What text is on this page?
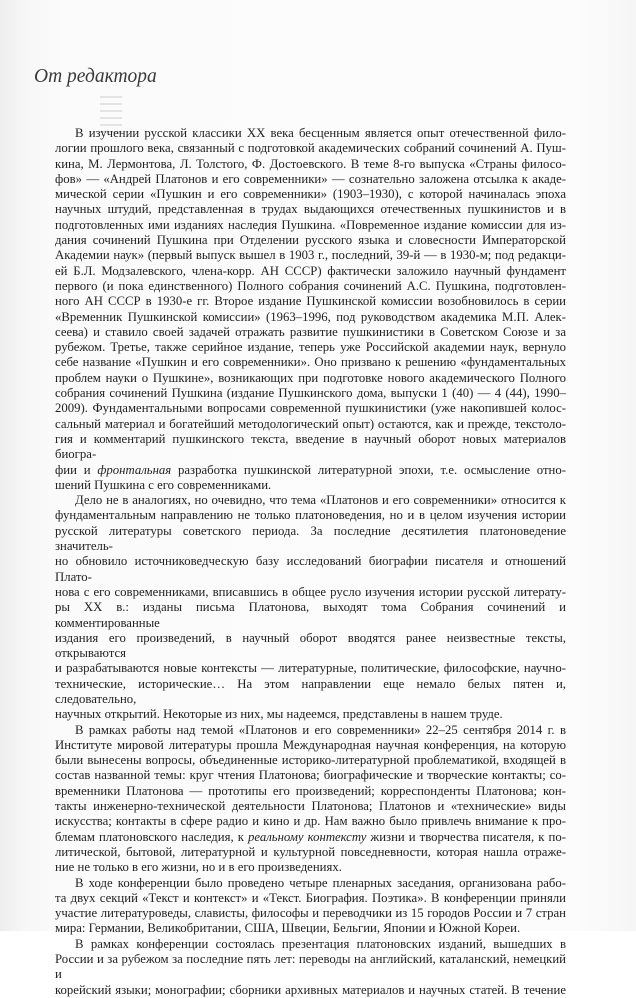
От редактора

В изучении русской классики XX века бесценным является опыт отечественной фило-

логии прошлого века, связанный с подготовкой академических собраний сочинений А. Пуш-

кина, М. Лермонтова, Л. Толстого, Ф. Достоевского. В теме 8-го выпуска «Страны филосо-

фов» — «Андрей Платонов и его современники» — сознательно заложена отсылка к акаде-

мической серии «Пушкин и его современники» (1903–1930), с которой начиналась эпоха

научных штудий, представленная в трудах выдающихся отечественных пушкинистов и в

подготовленных ими изданиях наследия Пушкина. «Повременное издание комиссии для из-

дания сочинений Пушкина при Отделении русского языка и словесности Императорской

Академии наук» (первый выпуск вышел в 1903 г., последний, 39-й — в 1930-м; под редакци-

ей Б.Л. Модзалевского, члена-корр. АН СССР) фактически заложило научный фундамент

первого (и пока единственного) Полного собрания сочинений А.С. Пушкина, подготовлен-

ного АН СССР в 1930-е гг. Второе издание Пушкинской комиссии возобновилось в серии

«Временник Пушкинской комиссии» (1963–1996, под руководством академика М.П. Алек-

сеева) и ставило своей задачей отражать развитие пушкинистики в Советском Союзе и за

рубежом. Третье, также серийное издание, теперь уже Российской академии наук, вернуло

себе название «Пушкин и его современники». Оно призвано к решению «фундаментальных

проблем науки о Пушкине», возникающих при подготовке нового академического Полного

собрания сочинений Пушкина (издание Пушкинского дома, выпуски 1 (40) — 4 (44), 1990–

2009). Фундаментальными вопросами современной пушкинистики (уже накопившей колос-

сальный материал и богатейший методологический опыт) остаются, как и прежде, текстоло-

гия и комментарий пушкинского текста, введение в научный оборот новых материалов биогра-

фии и фронтальная разработка пушкинской литературной эпохи, т.е. осмысление отно-

шений Пушкина с его современниками.

Дело не в аналогиях, но очевидно, что тема «Платонов и его современники» относится к

фундаментальным направлению не только платоноведения, но и в целом изучения истории

русской литературы советского периода. За последние десятилетия платоноведение значитель-

но обновило источниковедческую базу исследований биографии писателя и отношений Плато-

нова с его современниками, вписавшись в общее русло изучения истории русской литерату-

ры XX в.: изданы письма Платонова, выходят тома Собрания сочинений и комментированные

издания его произведений, в научный оборот вводятся ранее неизвестные тексты, открываются

и разрабатываются новые контексты — литературные, политические, философские, научно-

технические, исторические… На этом направлении еще немало белых пятен и, следовательно,

научных открытий. Некоторые из них, мы надеемся, представлены в нашем труде.

В рамках работы над темой «Платонов и его современники» 22–25 сентября 2014 г. в

Институте мировой литературы прошла Международная научная конференция, на которую

были вынесены вопросы, объединенные историко-литературной проблематикой, входящей в

состав названной темы: круг чтения Платонова; биографические и творческие контакты; со-

временники Платонова — прототипы его произведений; корреспонденты Платонова; кон-

такты инженерно-технической деятельности Платонова; Платонов и «технические» виды

искусства; контакты в сфере радио и кино и др. Нам важно было привлечь внимание к про-

блемам платоновского наследия, к реальному контексту жизни и творчества писателя, к по-

литической, бытовой, литературной и культурной повседневности, которая нашла отраже-

ние не только в его жизни, но и в его произведениях.

В ходе конференции было проведено четыре пленарных заседания, организована рабо-

та двух секций «Текст и контекст» и «Текст. Биография. Поэтика». В конференции приняли

участие литературоведы, слависты, философы и переводчики из 15 городов России и 7 стран

мира: Германии, Великобритании, США, Швеции, Бельгии, Японии и Южной Кореи.

В рамках конференции состоялась презентация платоновских изданий, вышедших в

России и за рубежом за последние пять лет: переводы на английский, каталанский, немецкий и

корейский языки; монографии; сборники архивных материалов и научных статей. В течение
